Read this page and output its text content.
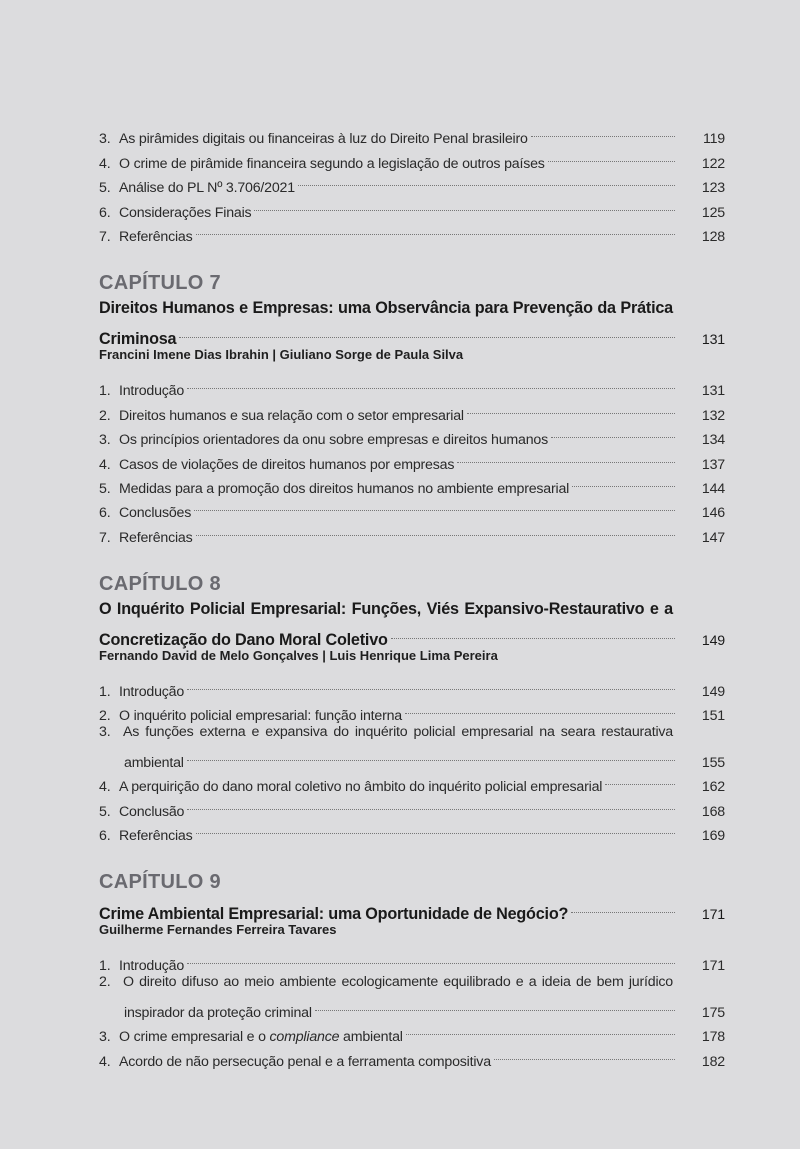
3. As pirâmides digitais ou financeiras à luz do Direito Penal brasileiro	119
4. O crime de pirâmide financeira segundo a legislação de outros países	122
5. Análise do PL Nº 3.706/2021	123
6. Considerações Finais	125
7. Referências	128
CAPÍTULO 7
Direitos Humanos e Empresas: uma Observância para Prevenção da Prática
Criminosa	131
Francini Imene Dias Ibrahin | Giuliano Sorge de Paula Silva
1. Introdução	131
2. Direitos humanos e sua relação com o setor empresarial	132
3. Os princípios orientadores da onu sobre empresas e direitos humanos	134
4. Casos de violações de direitos humanos por empresas	137
5. Medidas para a promoção dos direitos humanos no ambiente empresarial	144
6. Conclusões	146
7. Referências	147
CAPÍTULO 8
O Inquérito Policial Empresarial: Funções, Viés Expansivo-Restaurativo e a
Concretização do Dano Moral Coletivo	149
Fernando David de Melo Gonçalves | Luis Henrique Lima Pereira
1. Introdução	149
2. O inquérito policial empresarial: função interna	151
3. As funções externa e expansiva do inquérito policial empresarial na seara restaurativa
ambiental	155
4. A perquirição do dano moral coletivo no âmbito do inquérito policial empresarial	162
5. Conclusão	168
6. Referências	169
CAPÍTULO 9
Crime Ambiental Empresarial: uma Oportunidade de Negócio?	171
Guilherme Fernandes Ferreira Tavares
1. Introdução	171
2. O direito difuso ao meio ambiente ecologicamente equilibrado e a ideia de bem jurídico
inspirador da proteção criminal	175
3. O crime empresarial e o compliance ambiental	178
4. Acordo de não persecução penal e a ferramenta compositiva	182
